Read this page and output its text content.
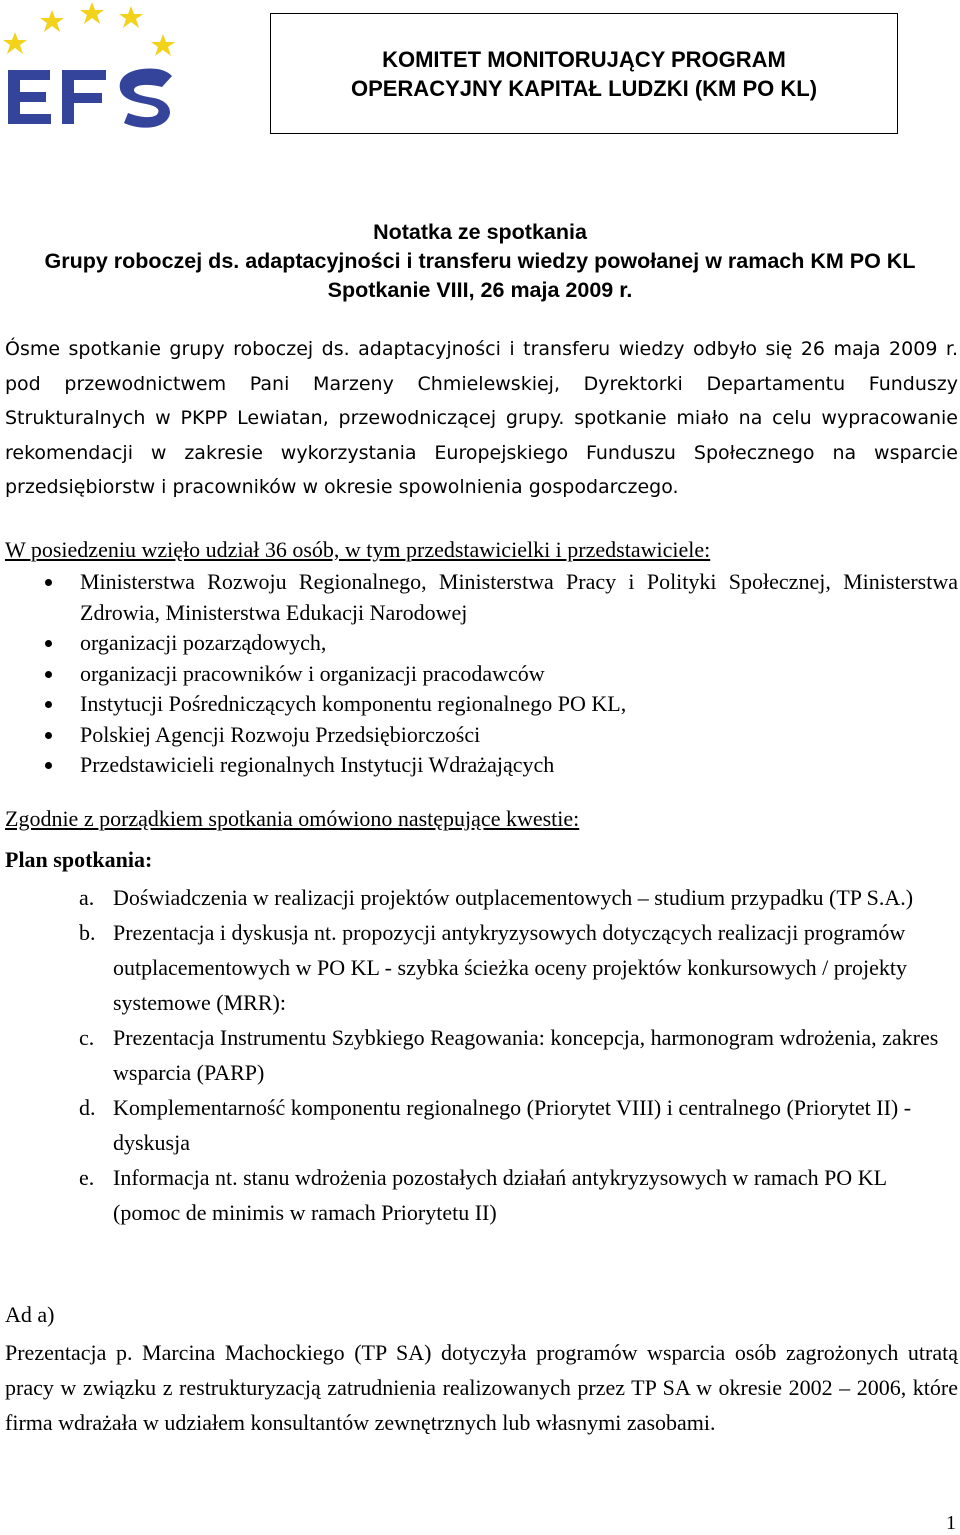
KOMITET MONITORUJĄCY PROGRAM
OPERACYJNY KAPITAŁ LUDZKI (KM PO KL)
Notatka ze spotkania
Grupy roboczej ds. adaptacyjności i transferu wiedzy powołanej w ramach KM PO KL
Spotkanie VIII, 26 maja 2009 r.
Ósme spotkanie grupy roboczej ds. adaptacyjności i transferu wiedzy odbyło się 26 maja 2009 r. pod przewodnictwem Pani Marzeny Chmielewskiej, Dyrektorki Departamentu Funduszy Strukturalnych w PKPP Lewiatan, przewodniczącej grupy. spotkanie miało na celu wypracowanie rekomendacji w zakresie wykorzystania Europejskiego Funduszu Społecznego na wsparcie przedsiębiorstw i pracowników w okresie spowolnienia gospodarczego.
W posiedzeniu wzięło udział 36 osób, w tym przedstawicielki i przedstawiciele:
Ministerstwa Rozwoju Regionalnego, Ministerstwa Pracy i Polityki Społecznej, Ministerstwa Zdrowia, Ministerstwa Edukacji Narodowej
organizacji pozarządowych,
organizacji pracowników i organizacji pracodawców
Instytucji Pośredniczących komponentu regionalnego PO KL,
Polskiej Agencji Rozwoju Przedsiębiorczości
Przedstawicieli regionalnych Instytucji Wdrażających
Zgodnie z porządkiem spotkania omówiono następujące kwestie:
Plan spotkania:
a. Doświadczenia w realizacji projektów outplacementowych – studium przypadku (TP S.A.)
b. Prezentacja i dyskusja nt. propozycji antykryzysowych dotyczących realizacji programów outplacementowych w PO KL - szybka ścieżka oceny projektów konkursowych / projekty systemowe (MRR):
c. Prezentacja Instrumentu Szybkiego Reagowania: koncepcja, harmonogram wdrożenia, zakres wsparcia (PARP)
d. Komplementarność komponentu regionalnego (Priorytet VIII) i centralnego (Priorytet II) - dyskusja
e. Informacja nt. stanu wdrożenia pozostałych działań antykryzysowych w ramach PO KL (pomoc de minimis w ramach Priorytetu II)
Ad a)
Prezentacja p. Marcina Machockiego (TP SA) dotyczyła programów wsparcia osób zagrożonych utratą pracy w związku z restrukturyzacją zatrudnienia realizowanych przez TP SA w okresie 2002 – 2006, które firma wdrażała w udziałem konsultantów zewnętrznych lub własnymi zasobami.
1
